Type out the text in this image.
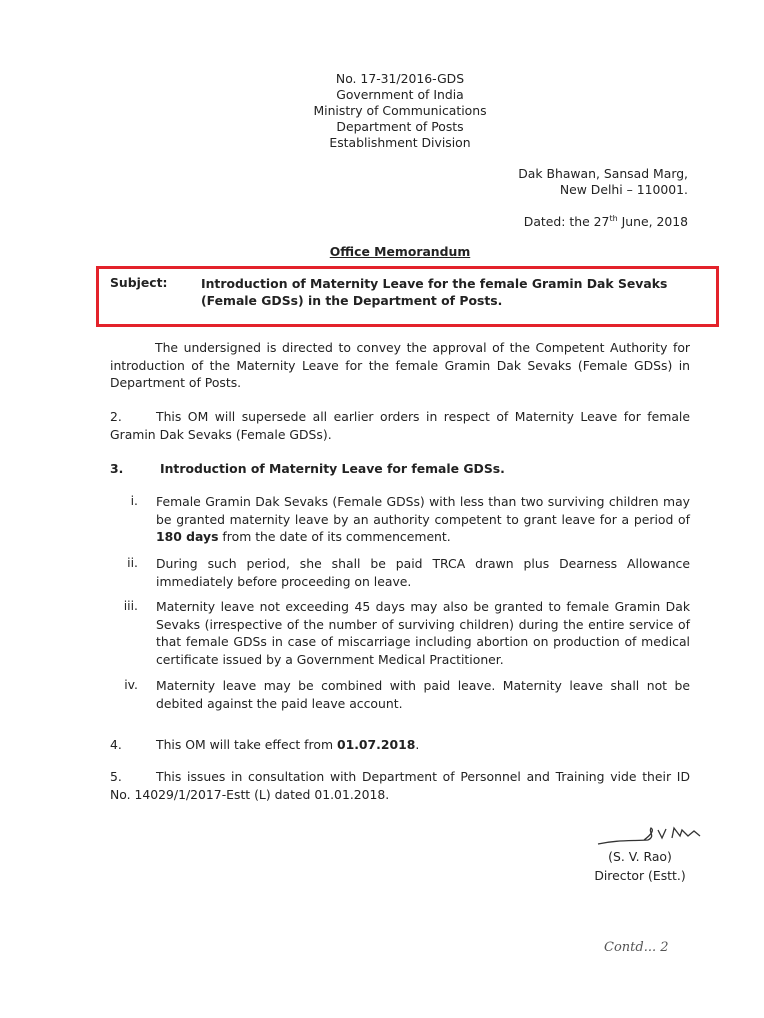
No. 17-31/2016-GDS
Government of India
Ministry of Communications
Department of Posts
Establishment Division
Dak Bhawan, Sansad Marg,
New Delhi – 110001.
Dated: the 27th June, 2018
Office Memorandum
Subject:	Introduction of Maternity Leave for the female Gramin Dak Sevaks (Female GDSs) in the Department of Posts.
The undersigned is directed to convey the approval of the Competent Authority for introduction of the Maternity Leave for the female Gramin Dak Sevaks (Female GDSs) in Department of Posts.
2.	This OM will supersede all earlier orders in respect of Maternity Leave for female Gramin Dak Sevaks (Female GDSs).
3.	Introduction of Maternity Leave for female GDSs.
i. Female Gramin Dak Sevaks (Female GDSs) with less than two surviving children may be granted maternity leave by an authority competent to grant leave for a period of 180 days from the date of its commencement.
ii. During such period, she shall be paid TRCA drawn plus Dearness Allowance immediately before proceeding on leave.
iii. Maternity leave not exceeding 45 days may also be granted to female Gramin Dak Sevaks (irrespective of the number of surviving children) during the entire service of that female GDSs in case of miscarriage including abortion on production of medical certificate issued by a Government Medical Practitioner.
iv. Maternity leave may be combined with paid leave. Maternity leave shall not be debited against the paid leave account.
4.	This OM will take effect from 01.07.2018.
5.	This issues in consultation with Department of Personnel and Training vide their ID No. 14029/1/2017-Estt (L) dated 01.01.2018.
(S. V. Rao)
Director (Estt.)
Contd... 2
